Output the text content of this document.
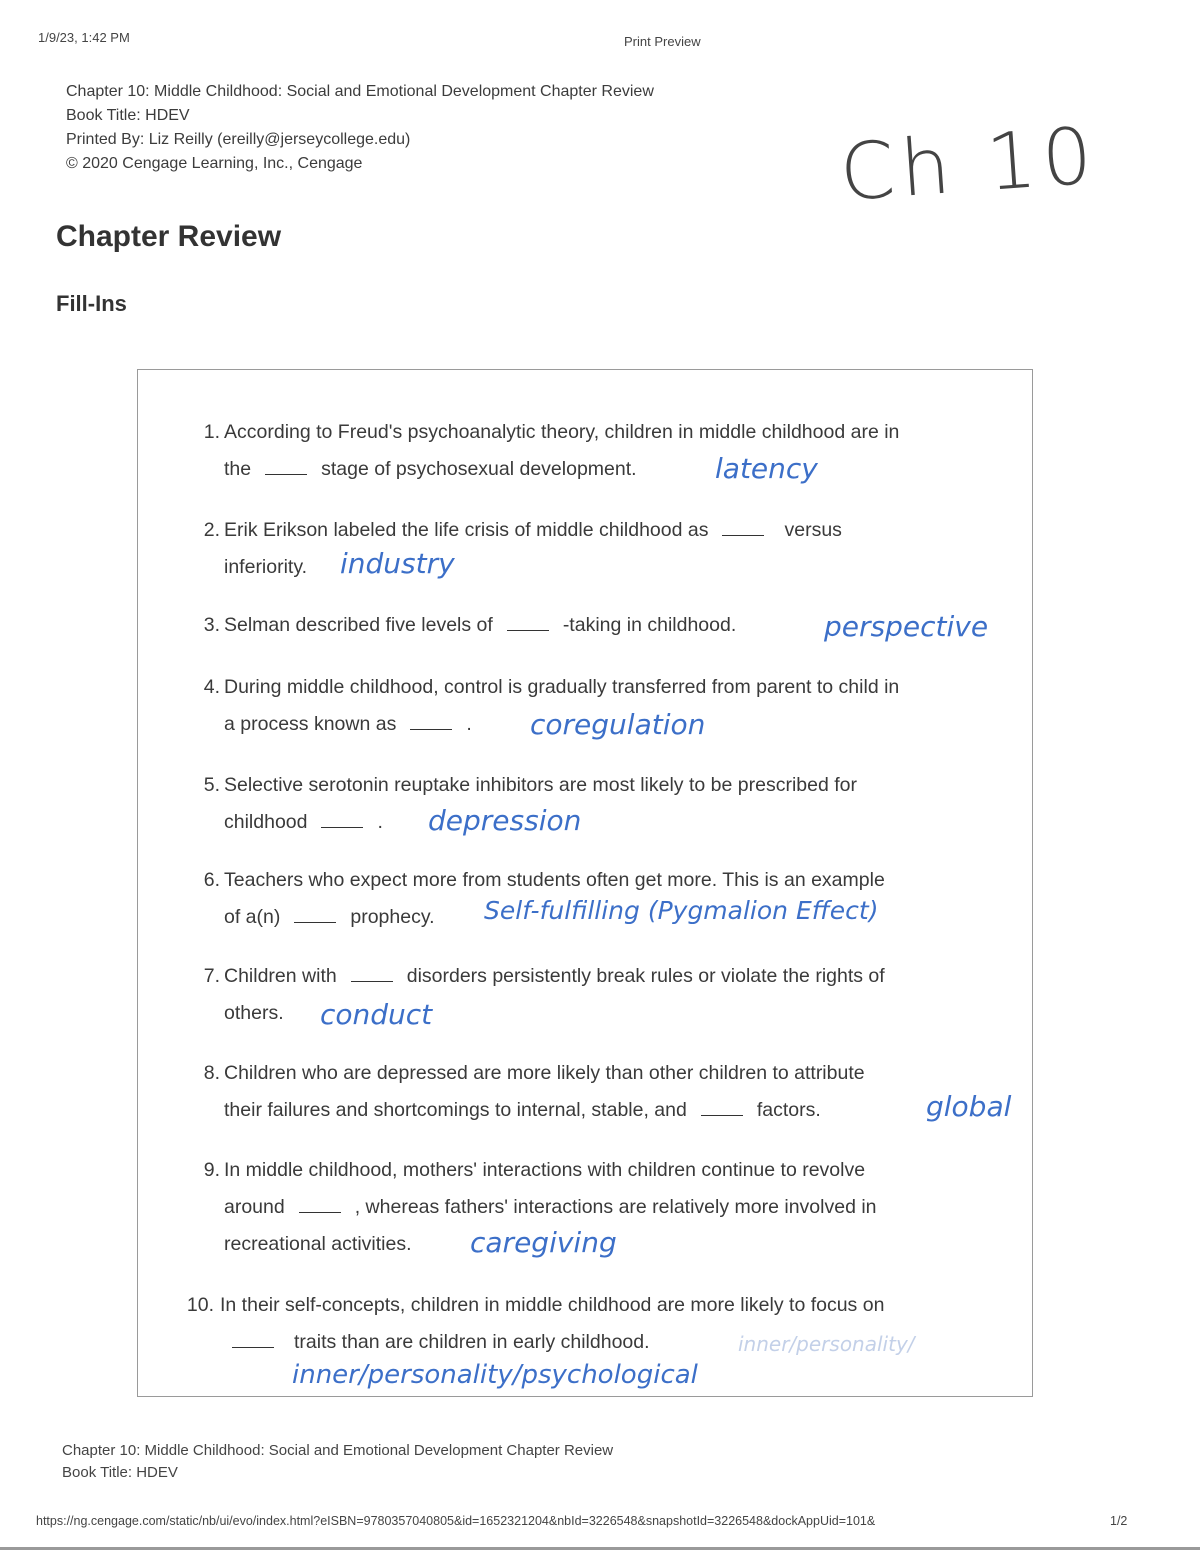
1/9/23, 1:42 PM	Print Preview
Chapter 10: Middle Childhood: Social and Emotional Development Chapter Review
Book Title: HDEV
Printed By: Liz Reilly (ereilly@jerseycollege.edu)
© 2020 Cengage Learning, Inc., Cengage	Ch 10
Chapter Review
Fill-Ins
1. According to Freud's psychoanalytic theory, children in middle childhood are in
the	stage of psychosexual development.	latency
2. Erik Erikson labeled the life crisis of middle childhood as	versus
inferiority.	industry
3. Selman described five levels of	-taking in childhood.	perspective
4. During middle childhood, control is gradually transferred from parent to child in
a process known as	.	coregulation
5. Selective serotonin reuptake inhibitors are most likely to be prescribed for
childhood	.	depression
6. Teachers who expect more from students often get more. This is an example
of a(n)	prophecy.	Self-fulfilling (Pygmalion Effect)
7. Children with	disorders persistently break rules or violate the rights of
others.	conduct
8. Children who are depressed are more likely than other children to attribute
their failures and shortcomings to internal, stable, and	factors.	global
9. In middle childhood, mothers' interactions with children continue to revolve
around	, whereas fathers' interactions are relatively more involved in
recreational activities.	caregiving
10. In their self-concepts, children in middle childhood are more likely to focus on
traits than are children in early childhood.	inner/personality/
inner/personality/psychological
Chapter 10: Middle Childhood: Social and Emotional Development Chapter Review
Book Title: HDEV
https://ng.cengage.com/static/nb/ui/evo/index.html?eISBN=9780357040805&id=1652321204&nbId=3226548&snapshotId=3226548&dockAppUid=101&	1/2
